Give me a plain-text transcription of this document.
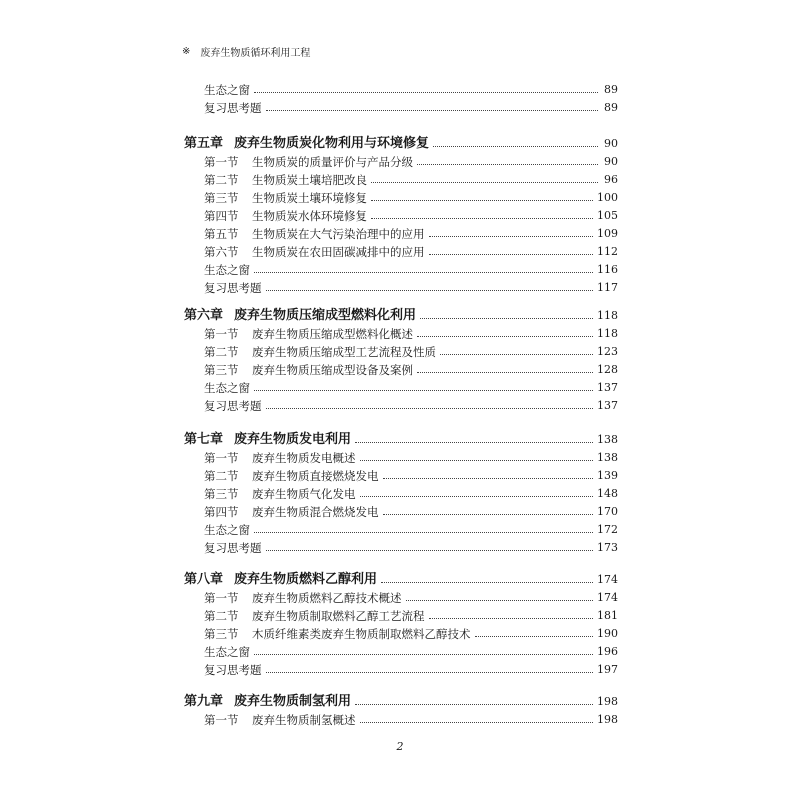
※ 废弃生物质循环利用工程
生态之窗	89
复习思考题	89
第五章 废弃生物质炭化物利用与环境修复	90
第一节	生物质炭的质量评价与产品分级	90
第二节	生物质炭土壤培肥改良	96
第三节	生物质炭土壤环境修复	100
第四节	生物质炭水体环境修复	105
第五节	生物质炭在大气污染治理中的应用	109
第六节	生物质炭在农田固碳减排中的应用	112
生态之窗	116
复习思考题	117
第六章 废弃生物质压缩成型燃料化利用	118
第一节	废弃生物质压缩成型燃料化概述	118
第二节	废弃生物质压缩成型工艺流程及性质	123
第三节	废弃生物质压缩成型设备及案例	128
生态之窗	137
复习思考题	137
第七章 废弃生物质发电利用	138
第一节	废弃生物质发电概述	138
第二节	废弃生物质直接燃烧发电	139
第三节	废弃生物质气化发电	148
第四节	废弃生物质混合燃烧发电	170
生态之窗	172
复习思考题	173
第八章 废弃生物质燃料乙醇利用	174
第一节	废弃生物质燃料乙醇技术概述	174
第二节	废弃生物质制取燃料乙醇工艺流程	181
第三节	木质纤维素类废弃生物质制取燃料乙醇技术	190
生态之窗	196
复习思考题	197
第九章 废弃生物质制氢利用	198
第一节	废弃生物质制氢概述	198
2
